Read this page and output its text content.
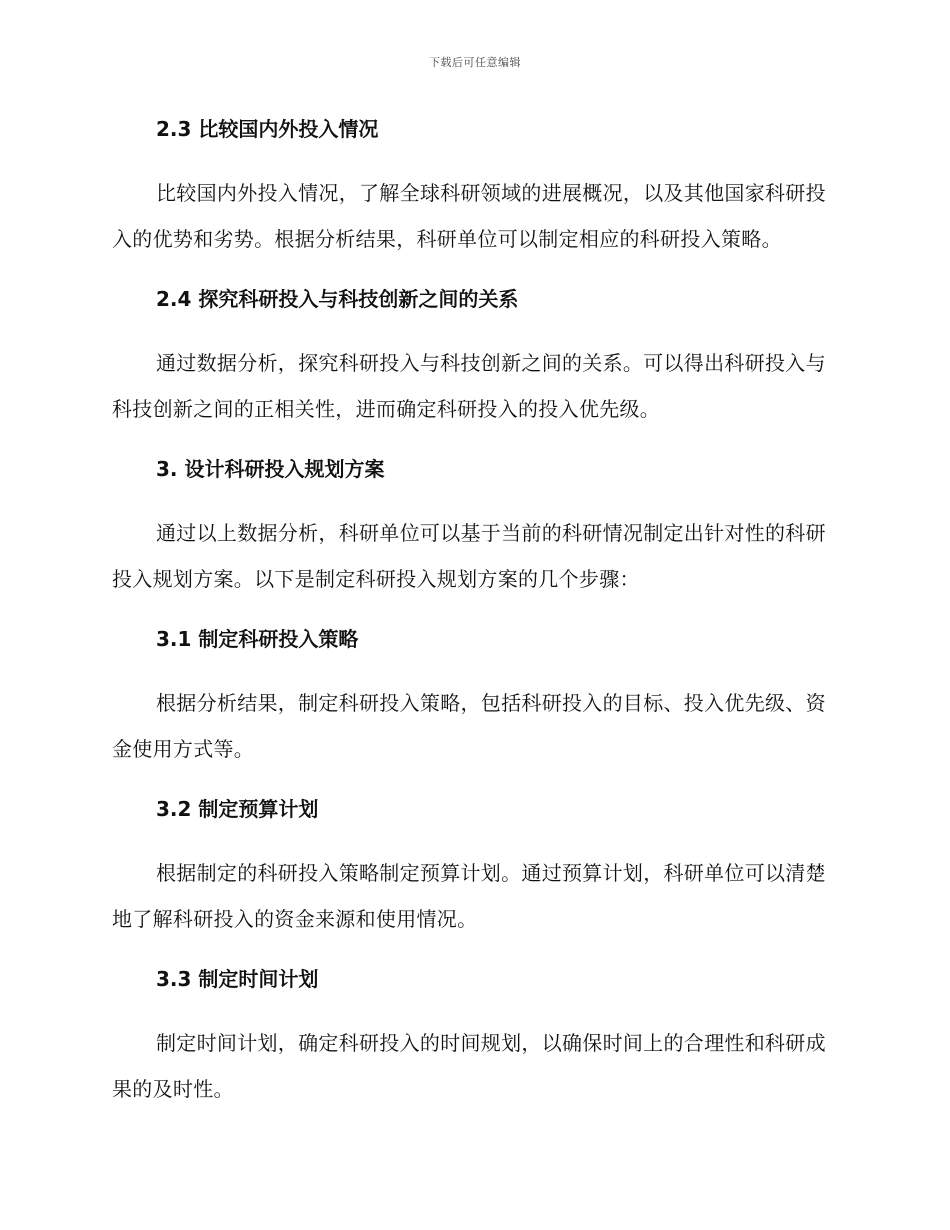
下载后可任意编辑
2.3 比较国内外投入情况

比较国内外投入情况，了解全球科研领域的进展概况，以及其他国家科研投入的优势和劣势。根据分析结果，科研单位可以制定相应的科研投入策略。

2.4 探究科研投入与科技创新之间的关系

通过数据分析，探究科研投入与科技创新之间的关系。可以得出科研投入与科技创新之间的正相关性，进而确定科研投入的投入优先级。

3. 设计科研投入规划方案

通过以上数据分析，科研单位可以基于当前的科研情况制定出针对性的科研投入规划方案。以下是制定科研投入规划方案的几个步骤：

3.1 制定科研投入策略

根据分析结果，制定科研投入策略，包括科研投入的目标、投入优先级、资金使用方式等。

3.2 制定预算计划

根据制定的科研投入策略制定预算计划。通过预算计划，科研单位可以清楚地了解科研投入的资金来源和使用情况。

3.3 制定时间计划

制定时间计划，确定科研投入的时间规划，以确保时间上的合理性和科研成果的及时性。
